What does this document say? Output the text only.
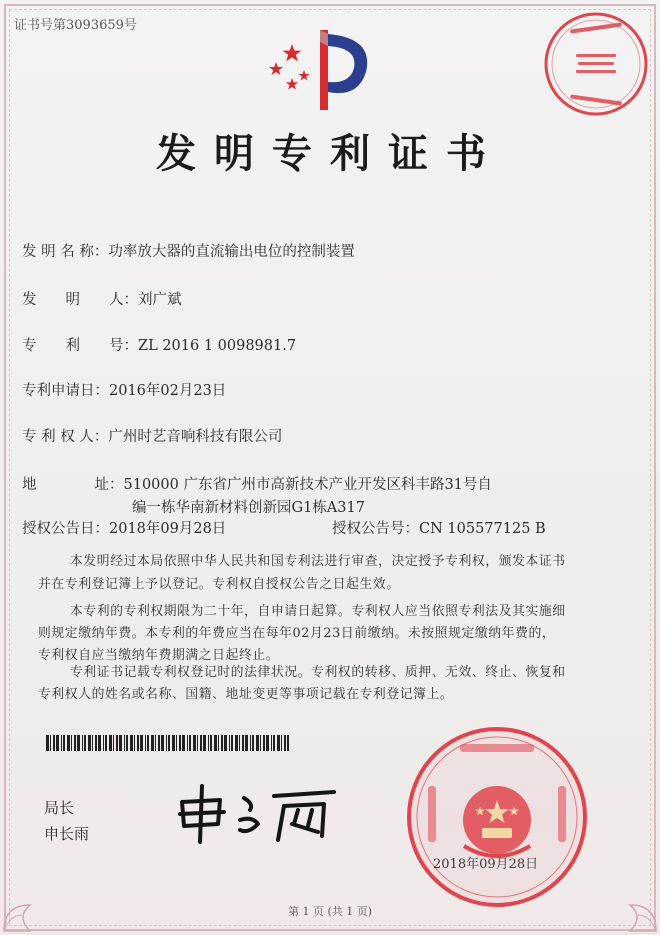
证书号第3093659号
发明专利证书
发 明 名 称：功率放大器的直流输出电位的控制装置
发　　明　　人：刘广斌
专　　利　　号：ZL 2016 1 0098981.7
专利申请日：2016年02月23日
专 利 权 人：广州时艺音响科技有限公司
地　　　　址：510000 广东省广州市高新技术产业开发区科丰路31号自
编一栋华南新材料创新园G1栋A317
授权公告日：2018年09月28日	授权公告号：CN 105577125 B
本发明经过本局依照中华人民共和国专利法进行审查，决定授予专利权，颁发本证书
并在专利登记簿上予以登记。专利权自授权公告之日起生效。
本专利的专利权期限为二十年，自申请日起算。专利权人应当依照专利法及其实施细
则规定缴纳年费。本专利的年费应当在每年02月23日前缴纳。未按照规定缴纳年费的，
专利权自应当缴纳年费期满之日起终止。
专利证书记载专利权登记时的法律状况。专利权的转移、质押、无效、终止、恢复和
专利权人的姓名或名称、国籍、地址变更等事项记载在专利登记簿上。
局长
申长雨
2018年09月28日
第 1 页 (共 1 页)
